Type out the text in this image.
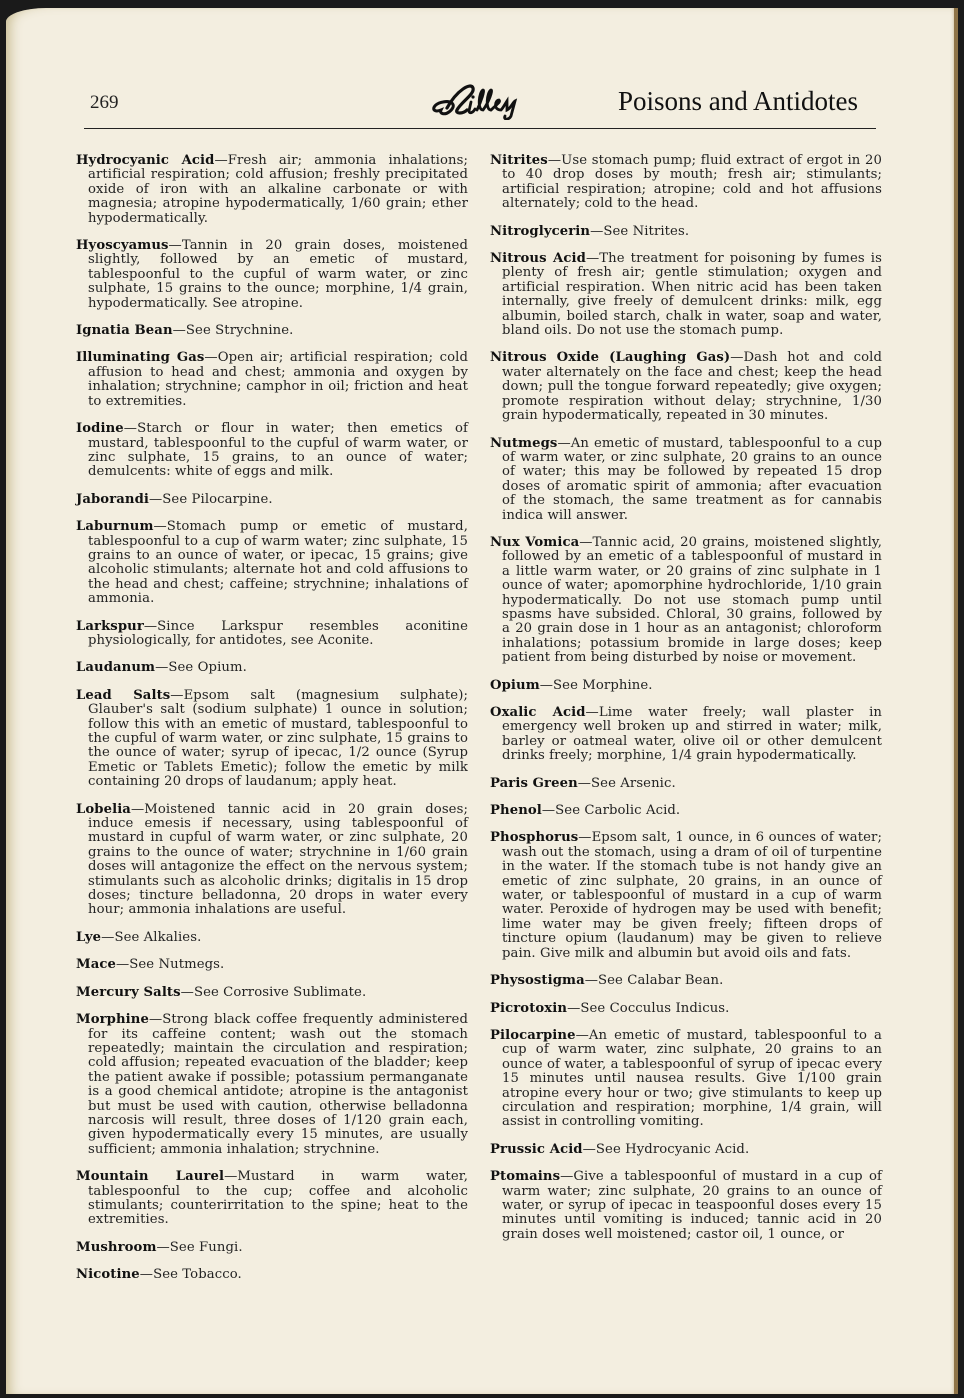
269	Poisons and Antidotes

Hydrocyanic Acid—Fresh air; ammonia inhalations; artificial respiration; cold affusion; freshly precipitated oxide of iron with an alkaline carbonate or with magnesia; atropine hypodermatically, 1/60 grain; ether hypodermatically.

Hyoscyamus—Tannin in 20 grain doses, moistened slightly, followed by an emetic of mustard, tablespoonful to the cupful of warm water, or zinc sulphate, 15 grains to the ounce; morphine, 1/4 grain, hypodermatically. See atropine.

Ignatia Bean—See Strychnine.

Illuminating Gas—Open air; artificial respiration; cold affusion to head and chest; ammonia and oxygen by inhalation; strychnine; camphor in oil; friction and heat to extremities.

Iodine—Starch or flour in water; then emetics of mustard, tablespoonful to the cupful of warm water, or zinc sulphate, 15 grains, to an ounce of water; demulcents: white of eggs and milk.

Jaborandi—See Pilocarpine.

Laburnum—Stomach pump or emetic of mustard, tablespoonful to a cup of warm water; zinc sulphate, 15 grains to an ounce of water, or ipecac, 15 grains; give alcoholic stimulants; alternate hot and cold affusions to the head and chest; caffeine; strychnine; inhalations of ammonia.

Larkspur—Since Larkspur resembles aconitine physiologically, for antidotes, see Aconite.

Laudanum—See Opium.

Lead Salts—Epsom salt (magnesium sulphate); Glauber's salt (sodium sulphate) 1 ounce in solution; follow this with an emetic of mustard, tablespoonful to the cupful of warm water, or zinc sulphate, 15 grains to the ounce of water; syrup of ipecac, 1/2 ounce (Syrup Emetic or Tablets Emetic); follow the emetic by milk containing 20 drops of laudanum; apply heat.

Lobelia—Moistened tannic acid in 20 grain doses; induce emesis if necessary, using tablespoonful of mustard in cupful of warm water, or zinc sulphate, 20 grains to the ounce of water; strychnine in 1/60 grain doses will antagonize the effect on the nervous system; stimulants such as alcoholic drinks; digitalis in 15 drop doses; tincture belladonna, 20 drops in water every hour; ammonia inhalations are useful.

Lye—See Alkalies.

Mace—See Nutmegs.

Mercury Salts—See Corrosive Sublimate.

Morphine—Strong black coffee frequently administered for its caffeine content; wash out the stomach repeatedly; maintain the circulation and respiration; cold affusion; repeated evacuation of the bladder; keep the patient awake if possible; potassium permanganate is a good chemical antidote; atropine is the antagonist but must be used with caution, otherwise belladonna narcosis will result, three doses of 1/120 grain each, given hypodermatically every 15 minutes, are usually sufficient; ammonia inhalation; strychnine.

Mountain Laurel—Mustard in warm water, tablespoonful to the cup; coffee and alcoholic stimulants; counterirritation to the spine; heat to the extremities.

Mushroom—See Fungi.

Nicotine—See Tobacco.

Nitrites—Use stomach pump; fluid extract of ergot in 20 to 40 drop doses by mouth; fresh air; stimulants; artificial respiration; atropine; cold and hot affusions alternately; cold to the head.

Nitroglycerin—See Nitrites.

Nitrous Acid—The treatment for poisoning by fumes is plenty of fresh air; gentle stimulation; oxygen and artificial respiration. When nitric acid has been taken internally, give freely of demulcent drinks: milk, egg albumin, boiled starch, chalk in water, soap and water, bland oils. Do not use the stomach pump.

Nitrous Oxide (Laughing Gas)—Dash hot and cold water alternately on the face and chest; keep the head down; pull the tongue forward repeatedly; give oxygen; promote respiration without delay; strychnine, 1/30 grain hypodermatically, repeated in 30 minutes.

Nutmegs—An emetic of mustard, tablespoonful to a cup of warm water, or zinc sulphate, 20 grains to an ounce of water; this may be followed by repeated 15 drop doses of aromatic spirit of ammonia; after evacuation of the stomach, the same treatment as for cannabis indica will answer.

Nux Vomica—Tannic acid, 20 grains, moistened slightly, followed by an emetic of a tablespoonful of mustard in a little warm water, or 20 grains of zinc sulphate in 1 ounce of water; apomorphine hydrochloride, 1/10 grain hypodermatically. Do not use stomach pump until spasms have subsided. Chloral, 30 grains, followed by a 20 grain dose in 1 hour as an antagonist; chloroform inhalations; potassium bromide in large doses; keep patient from being disturbed by noise or movement.

Opium—See Morphine.

Oxalic Acid—Lime water freely; wall plaster in emergency well broken up and stirred in water; milk, barley or oatmeal water, olive oil or other demulcent drinks freely; morphine, 1/4 grain hypodermatically.

Paris Green—See Arsenic.

Phenol—See Carbolic Acid.

Phosphorus—Epsom salt, 1 ounce, in 6 ounces of water; wash out the stomach, using a dram of oil of turpentine in the water. If the stomach tube is not handy give an emetic of zinc sulphate, 20 grains, in an ounce of water, or tablespoonful of mustard in a cup of warm water. Peroxide of hydrogen may be used with benefit; lime water may be given freely; fifteen drops of tincture opium (laudanum) may be given to relieve pain. Give milk and albumin but avoid oils and fats.

Physostigma—See Calabar Bean.

Picrotoxin—See Cocculus Indicus.

Pilocarpine—An emetic of mustard, tablespoonful to a cup of warm water, zinc sulphate, 20 grains to an ounce of water, a tablespoonful of syrup of ipecac every 15 minutes until nausea results. Give 1/100 grain atropine every hour or two; give stimulants to keep up circulation and respiration; morphine, 1/4 grain, will assist in controlling vomiting.

Prussic Acid—See Hydrocyanic Acid.

Ptomains—Give a tablespoonful of mustard in a cup of warm water; zinc sulphate, 20 grains to an ounce of water, or syrup of ipecac in teaspoonful doses every 15 minutes until vomiting is induced; tannic acid in 20 grain doses well moistened; castor oil, 1 ounce, or
